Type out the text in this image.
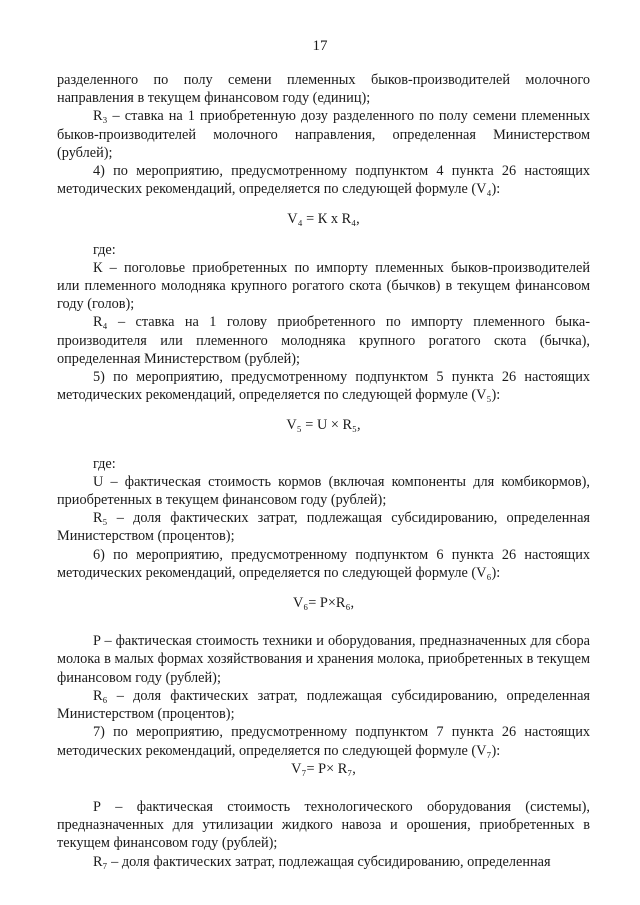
17

разделенного по полу семени племенных быков-производителей молочного направления в текущем финансовом году (единиц);

R₃ – ставка на 1 приобретенную дозу разделенного по полу семени племенных быков-производителей молочного направления, определенная Министерством (рублей);

4) по мероприятию, предусмотренному подпунктом 4 пункта 26 настоящих методических рекомендаций, определяется по следующей формуле (V₄):

V₄ = К x R₄,

где:

К – поголовье приобретенных по импорту племенных быков-производителей или племенного молодняка крупного рогатого скота (бычков) в текущем финансовом году (голов);

R₄ – ставка на 1 голову приобретенного по импорту племенного быка-производителя или племенного молодняка крупного рогатого скота (бычка), определенная Министерством (рублей);

5) по мероприятию, предусмотренному подпунктом 5 пункта 26 настоящих методических рекомендаций, определяется по следующей формуле (V₅):

V₅ = U × R₅,

где:

U – фактическая стоимость кормов (включая компоненты для комбикормов), приобретенных в текущем финансовом году (рублей);

R₅ – доля фактических затрат, подлежащая субсидированию, определенная Министерством (процентов);

6) по мероприятию, предусмотренному подпунктом 6 пункта 26 настоящих методических рекомендаций, определяется по следующей формуле (V₆):

V₆= P×R₆,

P – фактическая стоимость техники и оборудования, предназначенных для сбора молока в малых формах хозяйствования и хранения молока, приобретенных в текущем финансовом году (рублей);

R₆ – доля фактических затрат, подлежащая субсидированию, определенная Министерством (процентов);

7) по мероприятию, предусмотренному подпунктом 7 пункта 26 настоящих методических рекомендаций, определяется по следующей формуле (V₇):

V₇= P× R₇,

Р – фактическая стоимость технологического оборудования (системы), предназначенных для утилизации жидкого навоза и орошения, приобретенных в текущем финансовом году (рублей);

R₇ – доля фактических затрат, подлежащая субсидированию, определенная
